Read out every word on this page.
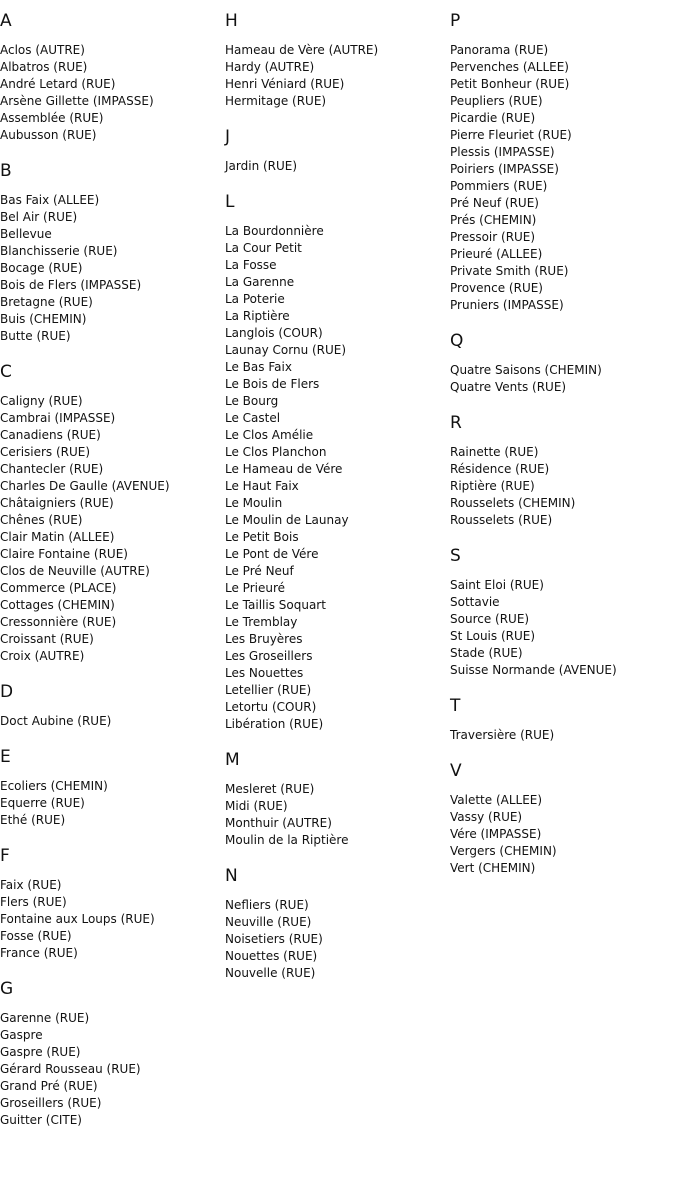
A
Aclos (AUTRE)
Albatros (RUE)
André Letard (RUE)
Arsène Gillette (IMPASSE)
Assemblée (RUE)
Aubusson (RUE)
B
Bas Faix (ALLEE)
Bel Air (RUE)
Bellevue
Blanchisserie (RUE)
Bocage (RUE)
Bois de Flers (IMPASSE)
Bretagne (RUE)
Buis (CHEMIN)
Butte (RUE)
C
Caligny (RUE)
Cambrai (IMPASSE)
Canadiens (RUE)
Cerisiers (RUE)
Chantecler (RUE)
Charles De Gaulle (AVENUE)
Châtaigniers (RUE)
Chênes (RUE)
Clair Matin (ALLEE)
Claire Fontaine (RUE)
Clos de Neuville (AUTRE)
Commerce (PLACE)
Cottages (CHEMIN)
Cressonnière (RUE)
Croissant (RUE)
Croix (AUTRE)
D
Doct Aubine (RUE)
E
Ecoliers (CHEMIN)
Equerre (RUE)
Ethé (RUE)
F
Faix (RUE)
Flers (RUE)
Fontaine aux Loups (RUE)
Fosse (RUE)
France (RUE)
G
Garenne (RUE)
Gaspre
Gaspre (RUE)
Gérard Rousseau (RUE)
Grand Pré (RUE)
Groseillers (RUE)
Guitter (CITE)
H
Hameau de Vère (AUTRE)
Hardy (AUTRE)
Henri Véniard (RUE)
Hermitage (RUE)
J
Jardin (RUE)
L
La Bourdonnière
La Cour Petit
La Fosse
La Garenne
La Poterie
La Riptière
Langlois (COUR)
Launay Cornu (RUE)
Le Bas Faix
Le Bois de Flers
Le Bourg
Le Castel
Le Clos Amélie
Le Clos Planchon
Le Hameau de Vére
Le Haut Faix
Le Moulin
Le Moulin de Launay
Le Petit Bois
Le Pont de Vére
Le Pré Neuf
Le Prieuré
Le Taillis Soquart
Le Tremblay
Les Bruyères
Les Groseillers
Les Nouettes
Letellier (RUE)
Letortu (COUR)
Libération (RUE)
M
Mesleret (RUE)
Midi (RUE)
Monthuir (AUTRE)
Moulin de la Riptière
N
Nefliers (RUE)
Neuville (RUE)
Noisetiers (RUE)
Nouettes (RUE)
Nouvelle (RUE)
P
Panorama (RUE)
Pervenches (ALLEE)
Petit Bonheur (RUE)
Peupliers (RUE)
Picardie (RUE)
Pierre Fleuriet (RUE)
Plessis (IMPASSE)
Poiriers (IMPASSE)
Pommiers (RUE)
Pré Neuf (RUE)
Prés (CHEMIN)
Pressoir (RUE)
Prieuré (ALLEE)
Private Smith (RUE)
Provence (RUE)
Pruniers (IMPASSE)
Q
Quatre Saisons (CHEMIN)
Quatre Vents (RUE)
R
Rainette (RUE)
Résidence (RUE)
Riptière (RUE)
Rousselets (CHEMIN)
Rousselets (RUE)
S
Saint Eloi (RUE)
Sottavie
Source (RUE)
St Louis (RUE)
Stade (RUE)
Suisse Normande (AVENUE)
T
Traversière (RUE)
V
Valette (ALLEE)
Vassy (RUE)
Vére (IMPASSE)
Vergers (CHEMIN)
Vert (CHEMIN)
